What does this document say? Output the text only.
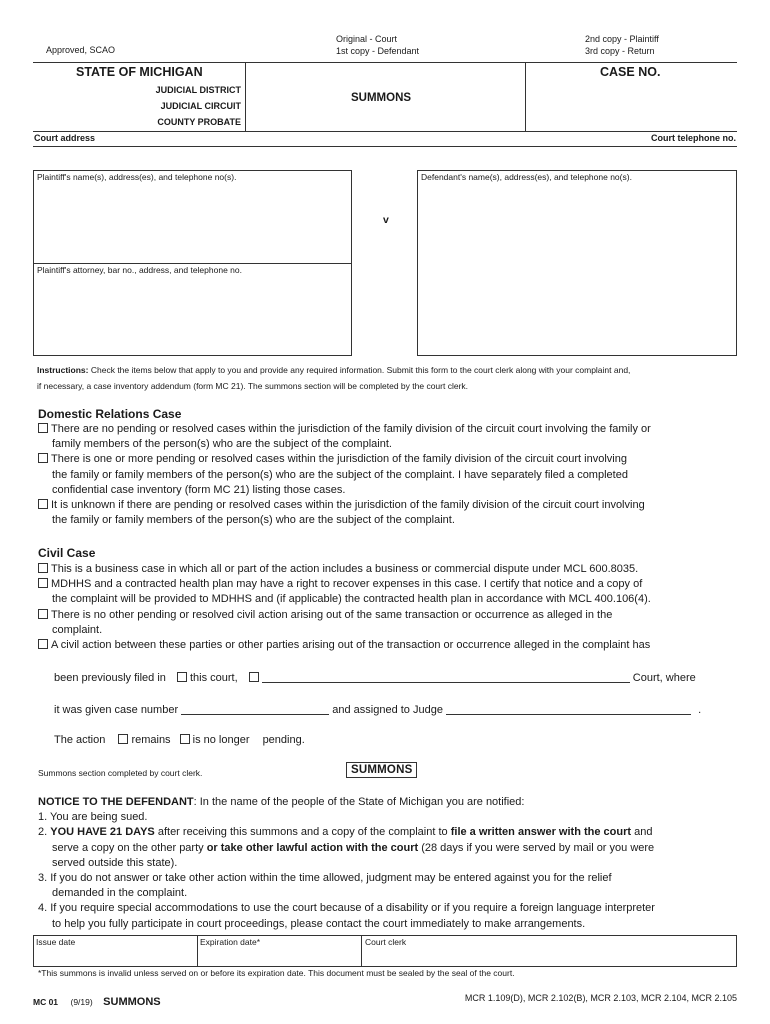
Approved, SCAO
Original - Court
1st copy - Defendant
2nd copy - Plaintiff
3rd copy - Return
STATE OF MICHIGAN
JUDICIAL DISTRICT
JUDICIAL CIRCUIT
COUNTY PROBATE
SUMMONS
CASE NO.
Court address	Court telephone no.
Plaintiff's name(s), address(es), and telephone no(s).
Plaintiff's attorney, bar no., address, and telephone no.
v
Defendant's name(s), address(es), and telephone no(s).
Instructions: Check the items below that apply to you and provide any required information. Submit this form to the court clerk along with your complaint and,
if necessary, a case inventory addendum (form MC 21). The summons section will be completed by the court clerk.
Domestic Relations Case
There are no pending or resolved cases within the jurisdiction of the family division of the circuit court involving the family or
family members of the person(s) who are the subject of the complaint.
There is one or more pending or resolved cases within the jurisdiction of the family division of the circuit court involving
the family or family members of the person(s) who are the subject of the complaint. I have separately filed a completed
confidential case inventory (form MC 21) listing those cases.
It is unknown if there are pending or resolved cases within the jurisdiction of the family division of the circuit court involving
the family or family members of the person(s) who are the subject of the complaint.
Civil Case
This is a business case in which all or part of the action includes a business or commercial dispute under MCL 600.8035.
MDHHS and a contracted health plan may have a right to recover expenses in this case. I certify that notice and a copy of
the complaint will be provided to MDHHS and (if applicable) the contracted health plan in accordance with MCL 400.106(4).
There is no other pending or resolved civil action arising out of the same transaction or occurrence as alleged in the
complaint.
A civil action between these parties or other parties arising out of the transaction or occurrence alleged in the complaint has
been previously filed in this court,	Court, where
it was given case number	and assigned to Judge	.
The action remains is no longer pending.
Summons section completed by court clerk.	SUMMONS
NOTICE TO THE DEFENDANT: In the name of the people of the State of Michigan you are notified:
1. You are being sued.
2. YOU HAVE 21 DAYS after receiving this summons and a copy of the complaint to file a written answer with the court and
serve a copy on the other party or take other lawful action with the court (28 days if you were served by mail or you were
served outside this state).
3. If you do not answer or take other action within the time allowed, judgment may be entered against you for the relief
demanded in the complaint.
4. If you require special accommodations to use the court because of a disability or if you require a foreign language interpreter
to help you fully participate in court proceedings, please contact the court immediately to make arrangements.
Issue date	Expiration date*	Court clerk
*This summons is invalid unless served on or before its expiration date. This document must be sealed by the seal of the court.
MC 01 (9/19) SUMMONS	MCR 1.109(D), MCR 2.102(B), MCR 2.103, MCR 2.104, MCR 2.105
